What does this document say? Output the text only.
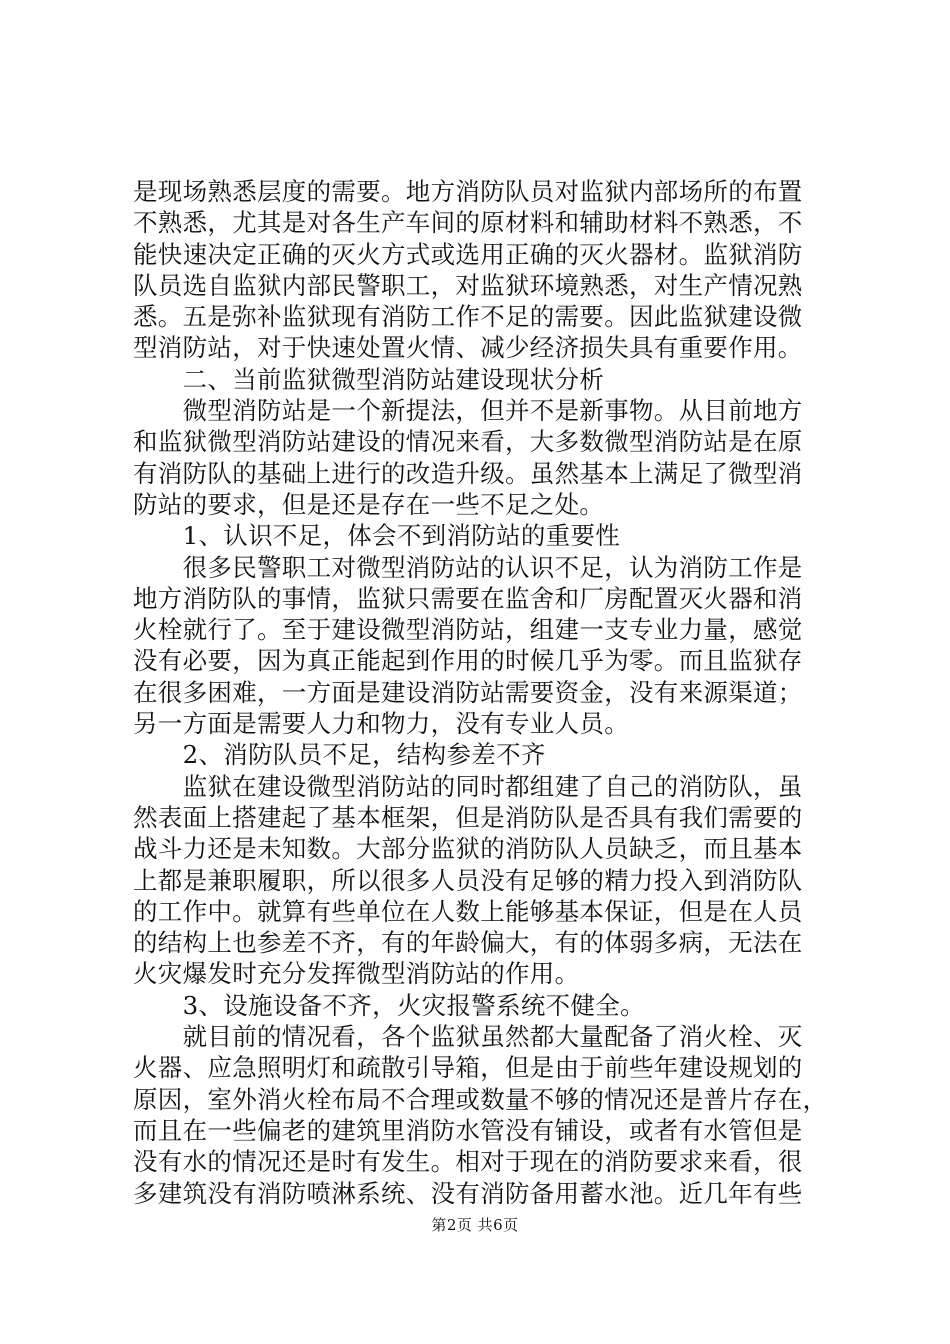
是现场熟悉层度的需要。地方消防队员对监狱内部场所的布置
不熟悉，尤其是对各生产车间的原材料和辅助材料不熟悉，不
能快速决定正确的灭火方式或选用正确的灭火器材。监狱消防
队员选自监狱内部民警职工，对监狱环境熟悉，对生产情况熟
悉。五是弥补监狱现有消防工作不足的需要。因此监狱建设微
型消防站，对于快速处置火情、减少经济损失具有重要作用。
　　二、当前监狱微型消防站建设现状分析
　　微型消防站是一个新提法，但并不是新事物。从目前地方
和监狱微型消防站建设的情况来看，大多数微型消防站是在原
有消防队的基础上进行的改造升级。虽然基本上满足了微型消
防站的要求，但是还是存在一些不足之处。
　　1、认识不足，体会不到消防站的重要性
　　很多民警职工对微型消防站的认识不足，认为消防工作是
地方消防队的事情，监狱只需要在监舍和厂房配置灭火器和消
火栓就行了。至于建设微型消防站，组建一支专业力量，感觉
没有必要，因为真正能起到作用的时候几乎为零。而且监狱存
在很多困难，一方面是建设消防站需要资金，没有来源渠道；
另一方面是需要人力和物力，没有专业人员。
　　2、消防队员不足，结构参差不齐
　　监狱在建设微型消防站的同时都组建了自己的消防队，虽
然表面上搭建起了基本框架，但是消防队是否具有我们需要的
战斗力还是未知数。大部分监狱的消防队人员缺乏，而且基本
上都是兼职履职，所以很多人员没有足够的精力投入到消防队
的工作中。就算有些单位在人数上能够基本保证，但是在人员
的结构上也参差不齐，有的年龄偏大，有的体弱多病，无法在
火灾爆发时充分发挥微型消防站的作用。
　　3、设施设备不齐，火灾报警系统不健全。
　　就目前的情况看，各个监狱虽然都大量配备了消火栓、灭
火器、应急照明灯和疏散引导箱，但是由于前些年建设规划的
原因，室外消火栓布局不合理或数量不够的情况还是普片存在，
而且在一些偏老的建筑里消防水管没有铺设，或者有水管但是
没有水的情况还是时有发生。相对于现在的消防要求来看，很
多建筑没有消防喷淋系统、没有消防备用蓄水池。近几年有些
第2页 共6页
